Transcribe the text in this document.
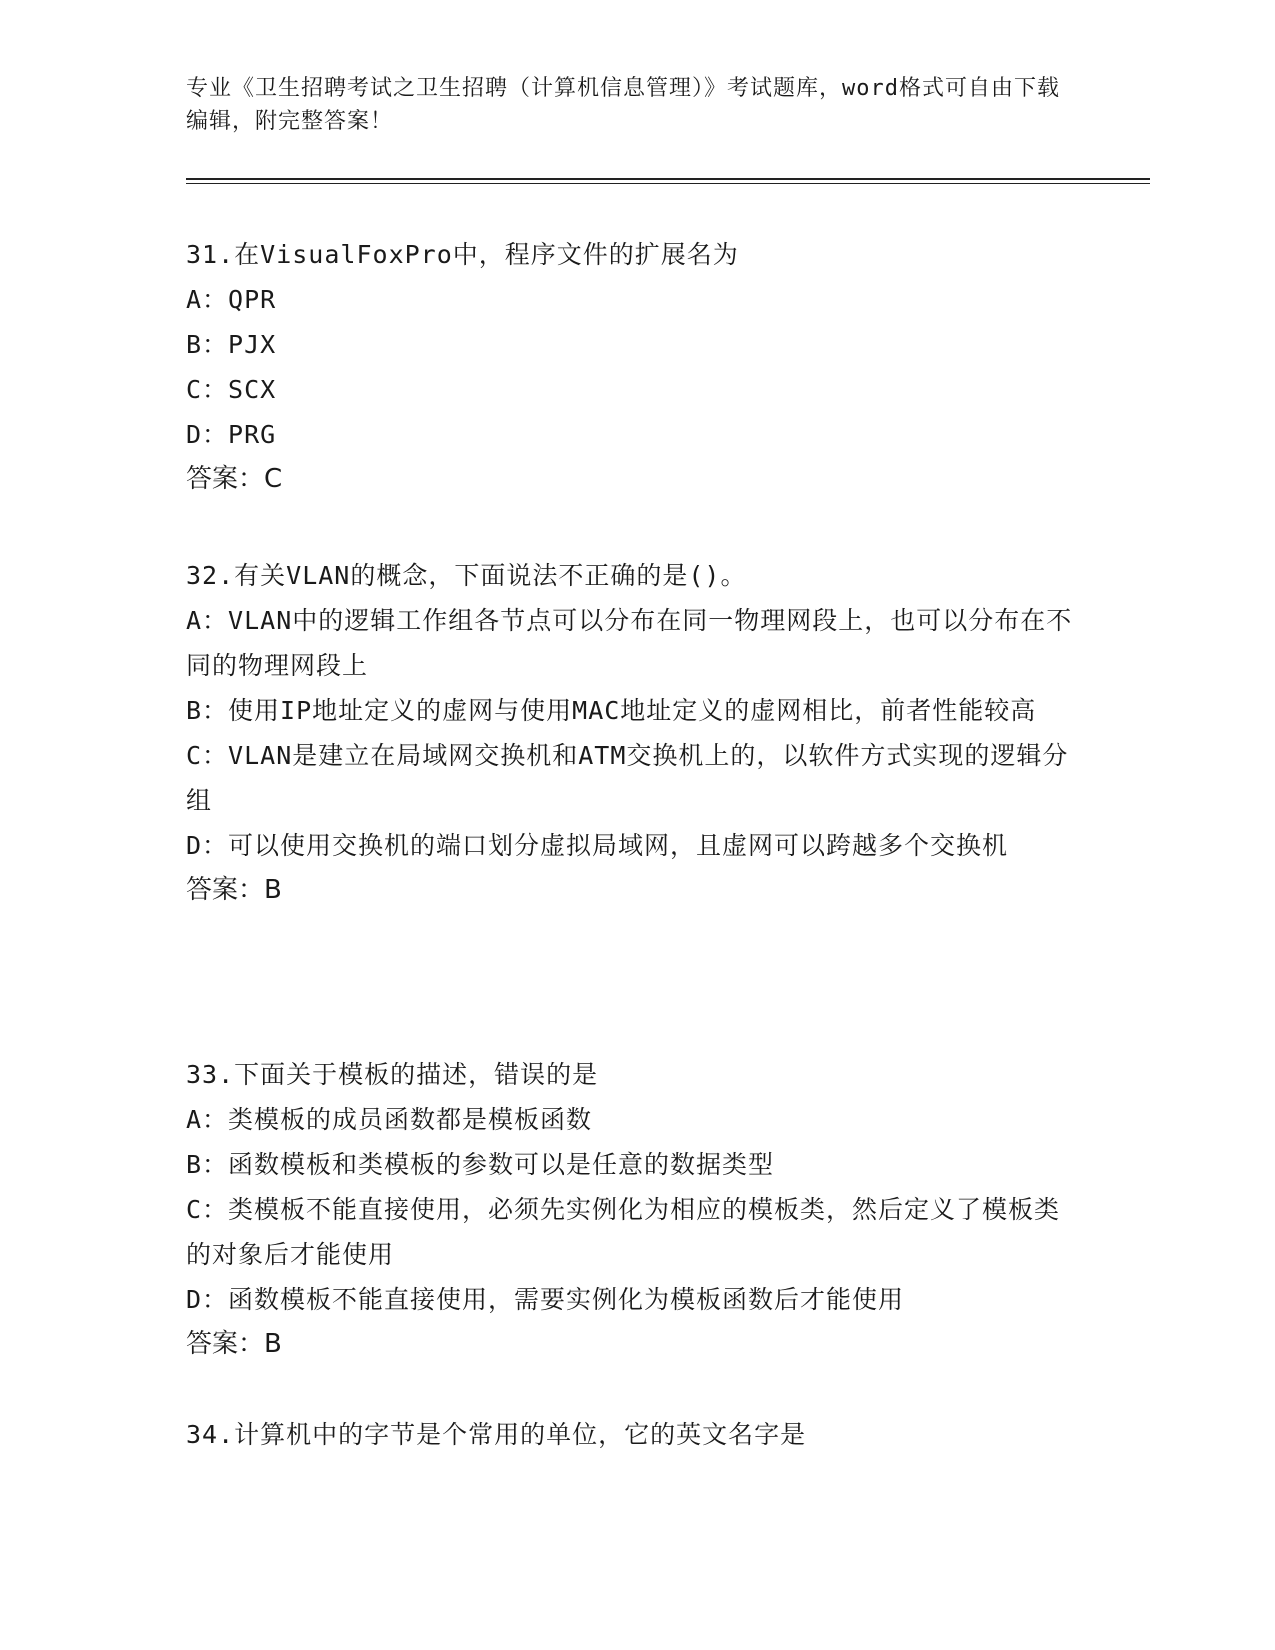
专业《卫生招聘考试之卫生招聘（计算机信息管理）》考试题库，word格式可自由下载编辑，附完整答案！
31.在VisualFoxPro中，程序文件的扩展名为
A：QPR
B：PJX
C：SCX
D：PRG
答案：C
32.有关VLAN的概念，下面说法不正确的是()。
A：VLAN中的逻辑工作组各节点可以分布在同一物理网段上，也可以分布在不同的物理网段上
B：使用IP地址定义的虚网与使用MAC地址定义的虚网相比，前者性能较高
C：VLAN是建立在局域网交换机和ATM交换机上的，以软件方式实现的逻辑分组
D：可以使用交换机的端口划分虚拟局域网，且虚网可以跨越多个交换机
答案：B
33.下面关于模板的描述，错误的是
A：类模板的成员函数都是模板函数
B：函数模板和类模板的参数可以是任意的数据类型
C：类模板不能直接使用，必须先实例化为相应的模板类，然后定义了模板类的对象后才能使用
D：函数模板不能直接使用，需要实例化为模板函数后才能使用
答案：B
34.计算机中的字节是个常用的单位，它的英文名字是
